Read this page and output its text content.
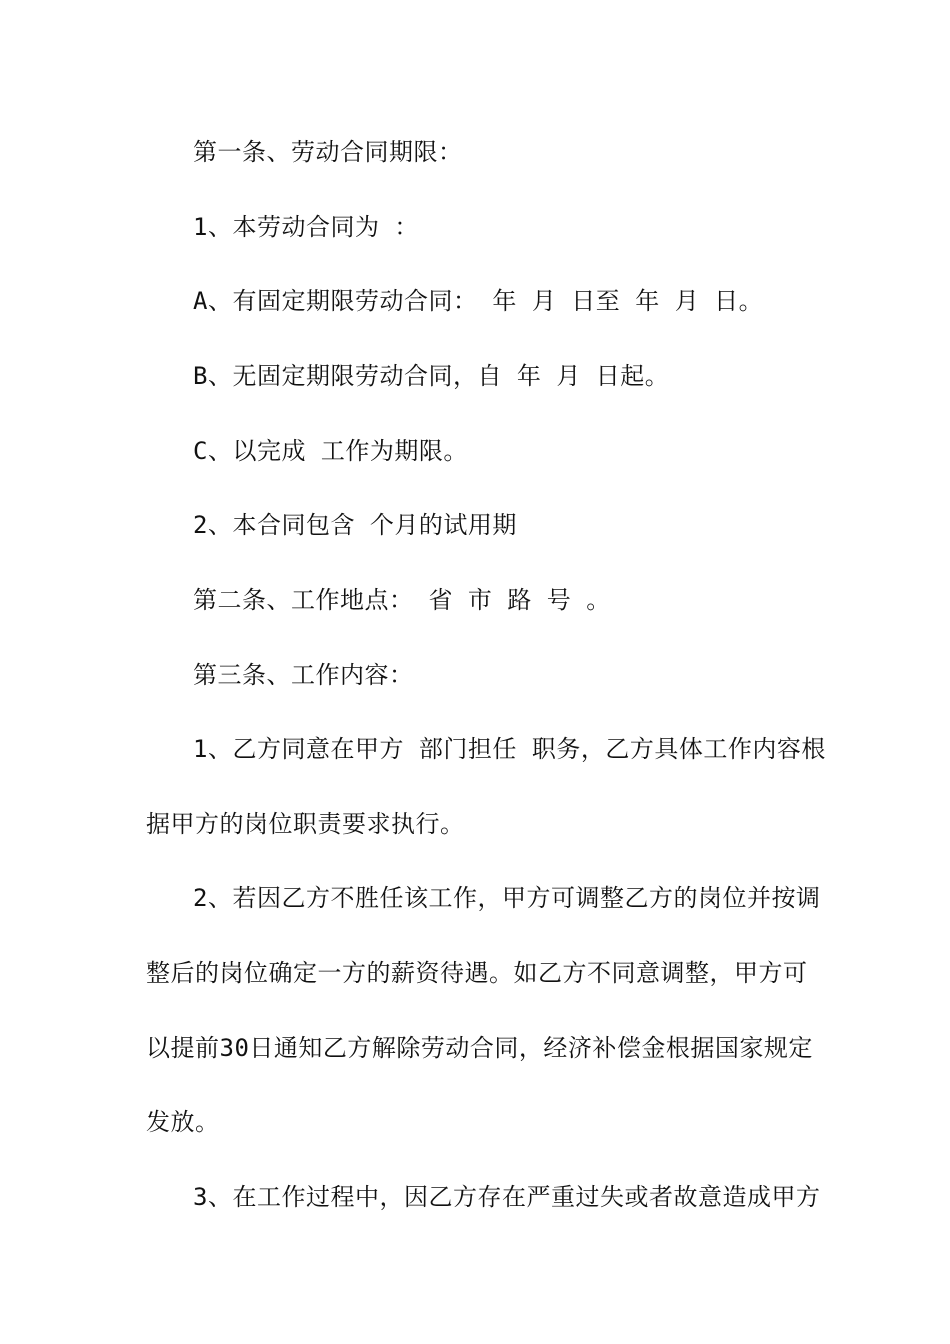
第一条、劳动合同期限：
1、本劳动合同为 ：
A、有固定期限劳动合同： 年 月 日至 年 月 日。
B、无固定期限劳动合同，自 年 月 日起。
C、以完成 工作为期限。
2、本合同包含 个月的试用期
第二条、工作地点： 省 市 路 号 。
第三条、工作内容：
1、乙方同意在甲方 部门担任 职务，乙方具体工作内容根
据甲方的岗位职责要求执行。
2、若因乙方不胜任该工作，甲方可调整乙方的岗位并按调
整后的岗位确定一方的薪资待遇。如乙方不同意调整，甲方可
以提前30日通知乙方解除劳动合同，经济补偿金根据国家规定
发放。
3、在工作过程中，因乙方存在严重过失或者故意造成甲方
